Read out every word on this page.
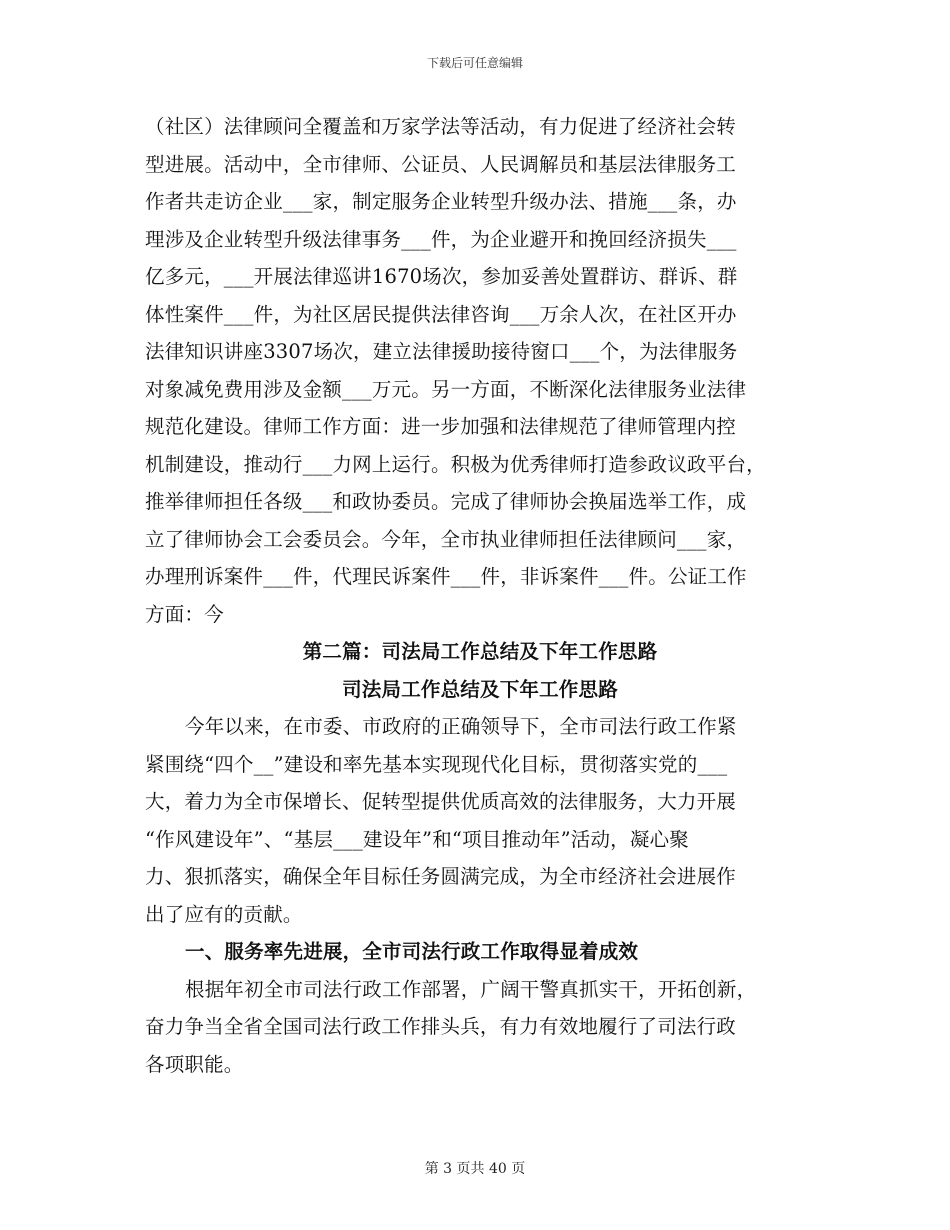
下载后可任意编辑
（社区）法律顾问全覆盖和万家学法等活动，有力促进了经济社会转
型进展。活动中，全市律师、公证员、人民调解员和基层法律服务工
作者共走访企业___家，制定服务企业转型升级办法、措施___条，办
理涉及企业转型升级法律事务___件，为企业避开和挽回经济损失___
亿多元，___开展法律巡讲1670场次，参加妥善处置群访、群诉、群
体性案件___件，为社区居民提供法律咨询___万余人次，在社区开办
法律知识讲座3307场次，建立法律援助接待窗口___个，为法律服务
对象减免费用涉及金额___万元。另一方面，不断深化法律服务业法律
规范化建设。律师工作方面：进一步加强和法律规范了律师管理内控
机制建设，推动行___力网上运行。积极为优秀律师打造参政议政平台，
推举律师担任各级___和政协委员。完成了律师协会换届选举工作，成
立了律师协会工会委员会。今年，全市执业律师担任法律顾问___家，
办理刑诉案件___件，代理民诉案件___件，非诉案件___件。公证工作
方面：今
第二篇：司法局工作总结及下年工作思路
司法局工作总结及下年工作思路
今年以来，在市委、市政府的正确领导下，全市司法行政工作紧
紧围绕“四个__”建设和率先基本实现现代化目标，贯彻落实党的___
大，着力为全市保增长、促转型提供优质高效的法律服务，大力开展
“作风建设年”、“基层___建设年”和“项目推动年”活动，凝心聚
力、狠抓落实，确保全年目标任务圆满完成，为全市经济社会进展作
出了应有的贡献。
一、服务率先进展，全市司法行政工作取得显着成效
根据年初全市司法行政工作部署，广阔干警真抓实干，开拓创新，
奋力争当全省全国司法行政工作排头兵，有力有效地履行了司法行政
各项职能。
第 3 页共 40 页
